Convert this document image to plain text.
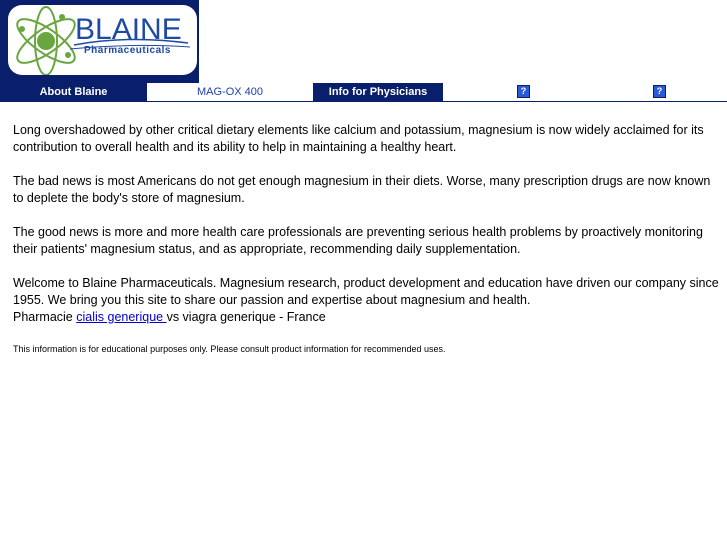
BLAINE
Pharmaceuticals
About Blaine	MAG-OX 400	Info for Physicians	?	?

Long overshadowed by other critical dietary elements like calcium and potassium, magnesium is now widely acclaimed for its contribution to overall health and its ability to help in maintaining a healthy heart.

The bad news is most Americans do not get enough magnesium in their diets. Worse, many prescription drugs are now known to deplete the body's store of magnesium.

The good news is more and more health care professionals are preventing serious health problems by proactively monitoring their patients' magnesium status, and as appropriate, recommending daily supplementation.

Welcome to Blaine Pharmaceuticals. Magnesium research, product development and education have driven our company since 1955. We bring you this site to share our passion and expertise about magnesium and health.

Pharmacie cialis generique vs viagra generique - France

This information is for educational purposes only. Please consult product information for recommended uses.
